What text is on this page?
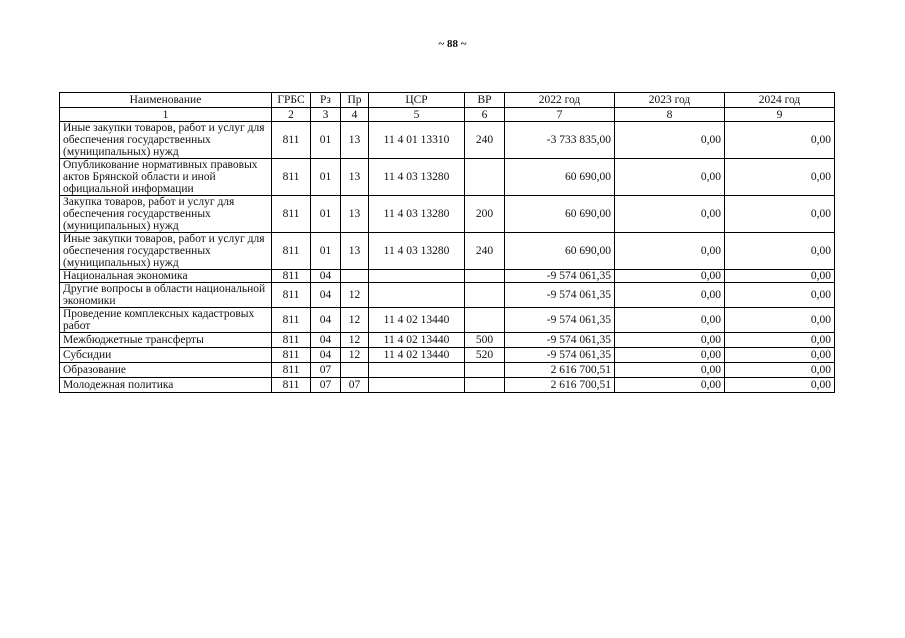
~ 88 ~
Наименование	ГРБС	Рз	Пр	ЦСР	ВР	2022 год	2023 год	2024 год
1	2	3	4	5	6	7	8	9
Иные закупки товаров, работ и услуг для обеспечения государственных (муниципальных) нужд	811	01	13	11 4 01 13310	240	-3 733 835,00	0,00	0,00
Опубликование нормативных правовых актов Брянской области и иной официальной информации	811	01	13	11 4 03 13280		60 690,00	0,00	0,00
Закупка товаров, работ и услуг для обеспечения государственных (муниципальных) нужд	811	01	13	11 4 03 13280	200	60 690,00	0,00	0,00
Иные закупки товаров, работ и услуг для обеспечения государственных (муниципальных) нужд	811	01	13	11 4 03 13280	240	60 690,00	0,00	0,00
Национальная экономика	811	04				-9 574 061,35	0,00	0,00
Другие вопросы в области национальной экономики	811	04	12			-9 574 061,35	0,00	0,00
Проведение комплексных кадастровых работ	811	04	12	11 4 02 13440		-9 574 061,35	0,00	0,00
Межбюджетные трансферты	811	04	12	11 4 02 13440	500	-9 574 061,35	0,00	0,00
Субсидии	811	04	12	11 4 02 13440	520	-9 574 061,35	0,00	0,00
Образование	811	07				2 616 700,51	0,00	0,00
Молодежная политика	811	07	07			2 616 700,51	0,00	0,00
